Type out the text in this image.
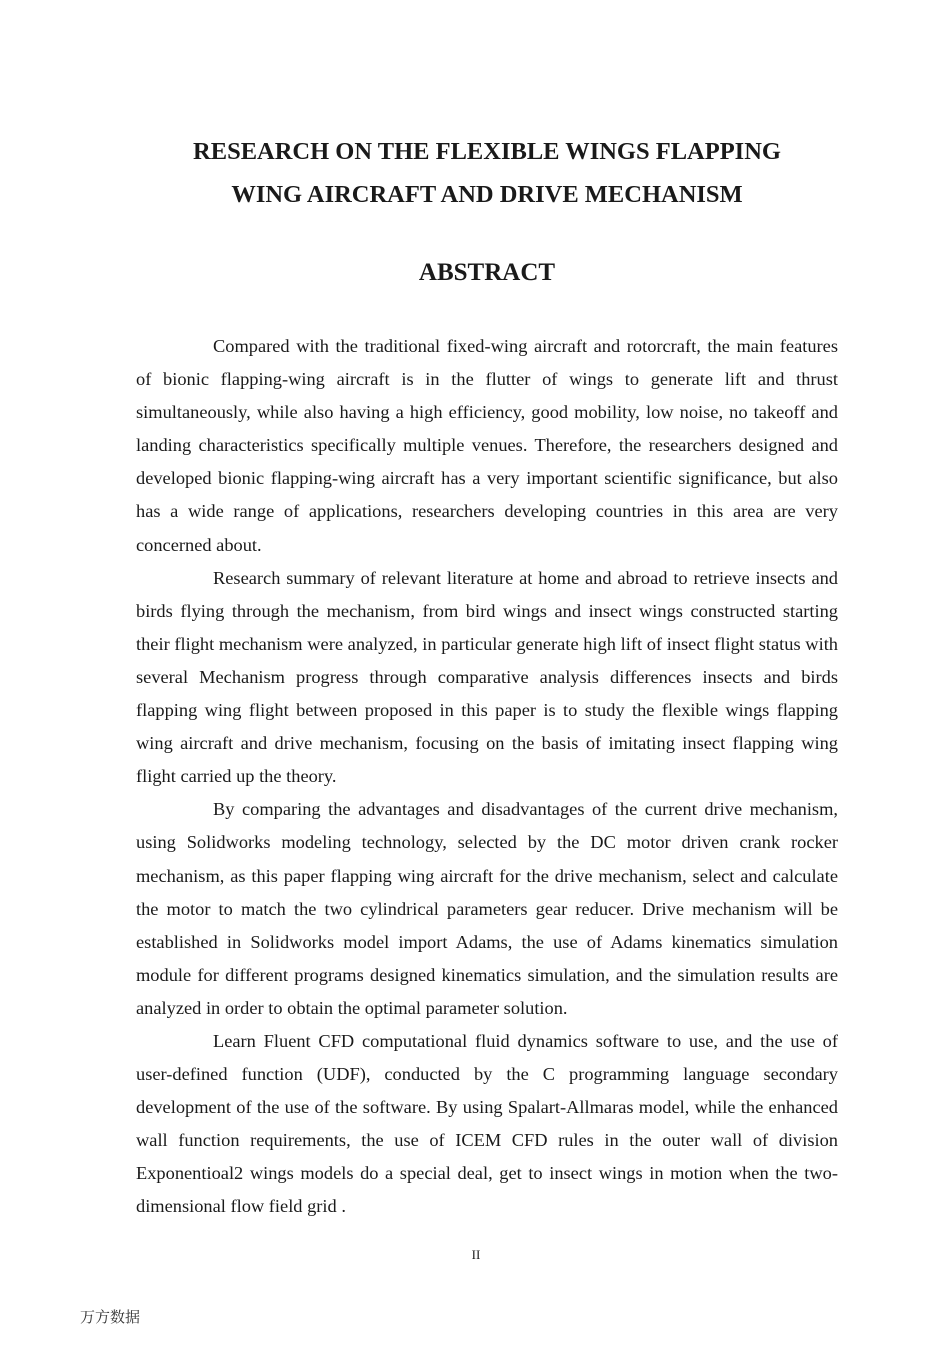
RESEARCH ON THE FLEXIBLE WINGS FLAPPING
WING AIRCRAFT AND DRIVE MECHANISM
ABSTRACT

Compared with the traditional fixed-wing aircraft and rotorcraft, the main features of bionic flapping-wing aircraft is in the flutter of wings to generate lift and thrust simultaneously, while also having a high efficiency, good mobility, low noise, no takeoff and landing characteristics specifically multiple venues. Therefore, the researchers designed and developed bionic flapping-wing aircraft has a very important scientific significance, but also has a wide range of applications, researchers developing countries in this area are very concerned about.

Research summary of relevant literature at home and abroad to retrieve insects and birds flying through the mechanism, from bird wings and insect wings constructed starting their flight mechanism were analyzed, in particular generate high lift of insect flight status with several Mechanism progress through comparative analysis differences insects and birds flapping wing flight between proposed in this paper is to study the flexible wings flapping wing aircraft and drive mechanism, focusing on the basis of imitating insect flapping wing flight carried up the theory.

By comparing the advantages and disadvantages of the current drive mechanism, using Solidworks modeling technology, selected by the DC motor driven crank rocker mechanism, as this paper flapping wing aircraft for the drive mechanism, select and calculate the motor to match the two cylindrical parameters gear reducer. Drive mechanism will be established in Solidworks model import Adams, the use of Adams kinematics simulation module for different programs designed kinematics simulation, and the simulation results are analyzed in order to obtain the optimal parameter solution.

Learn Fluent CFD computational fluid dynamics software to use, and the use of user-defined function (UDF), conducted by the C programming language secondary development of the use of the software. By using Spalart-Allmaras model, while the enhanced wall function requirements, the use of ICEM CFD rules in the outer wall of division Exponentioal2 wings models do a special deal, get to insect wings in motion when the two-dimensional flow field grid .

II
万方数据
